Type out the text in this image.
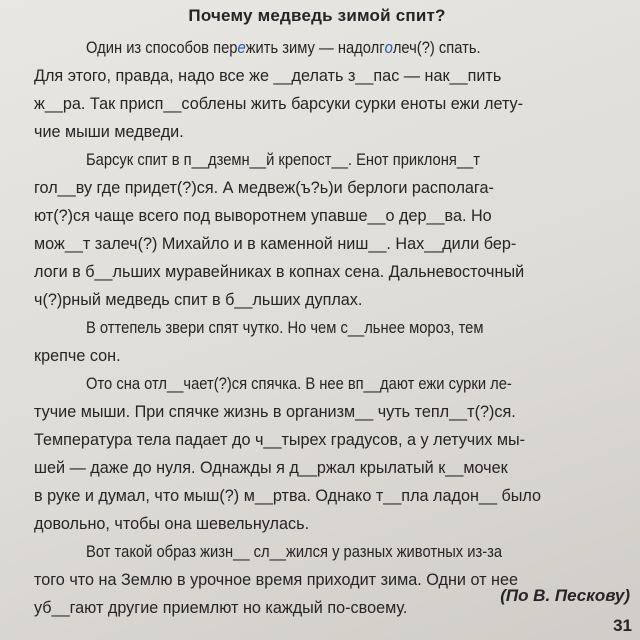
Почему медведь зимой спит?
Один из способов пережить зиму — надолголеч(?) спать.
Для этого, правда, надо все же __делать з__пас — нак__пить
ж__ра. Так присп__соблены жить барсуки сурки еноты ежи лету-
чие мыши медведи.
Барсук спит в п__дземн__й крепост__. Енот приклоня__т
гол__ву где придет(?)ся. А медвеж(ъ?ь)и берлоги располага-
ют(?)ся чаще всего под выворотнем упавше__о дер__ва. Но
мож__т залеч(?) Михайло и в каменной ниш__. Нах__дили бер-
логи в б__льших муравейниках в копнах сена. Дальневосточный
ч(?)рный медведь спит в б__льших дуплах.
В оттепель звери спят чутко. Но чем с__льнее мороз, тем
крепче сон.
Ото сна отл__чает(?)ся спячка. В нее вп__дают ежи сурки ле-
тучие мыши. При спячке жизнь в организм__ чуть тепл__т(?)ся.
Температура тела падает до ч__тырех градусов, а у летучих мы-
шей — даже до нуля. Однажды я д__ржал крылатый к__мочек
в руке и думал, что мыш(?) м__ртва. Однако т__пла ладон__ было
довольно, чтобы она шевельнулась.
Вот такой образ жизн__ сл__жился у разных животных из-за
того что на Землю в урочное время приходит зима. Одни от нее
уб__гают другие приемлют но каждый по-своему.
(По В. Пескову)
31
